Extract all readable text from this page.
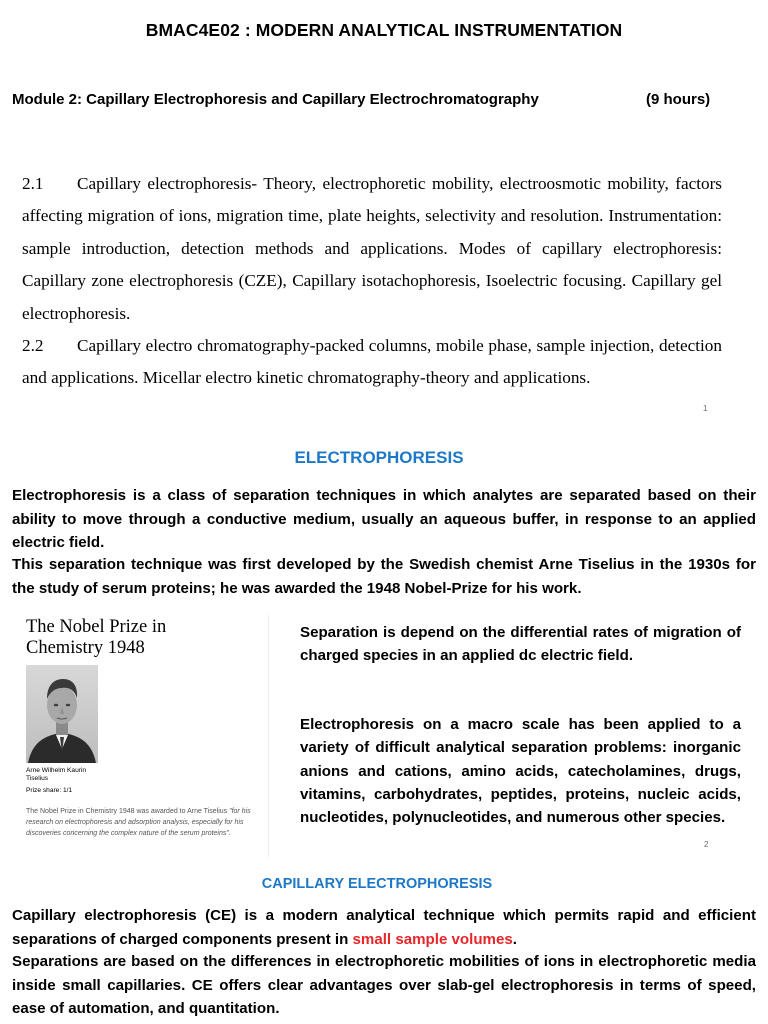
BMAC4E02 : MODERN ANALYTICAL INSTRUMENTATION
Module 2: Capillary Electrophoresis and Capillary Electrochromatography	(9 hours)

2.1 Capillary electrophoresis- Theory, electrophoretic mobility, electroosmotic mobility, factors affecting migration of ions, migration time, plate heights, selectivity and resolution. Instrumentation: sample introduction, detection methods and applications. Modes of capillary electrophoresis: Capillary zone electrophoresis (CZE), Capillary isotachophoresis, Isoelectric focusing. Capillary gel electrophoresis.

2.2 Capillary electro chromatography-packed columns, mobile phase, sample injection, detection and applications. Micellar electro kinetic chromatography-theory and applications.

1
ELECTROPHORESIS
Electrophoresis is a class of separation techniques in which analytes are separated based on their ability to move through a conductive medium, usually an aqueous buffer, in response to an applied electric field.
This separation technique was first developed by the Swedish chemist Arne Tiselius in the 1930s for the study of serum proteins; he was awarded the 1948 Nobel-Prize for his work.
The Nobel Prize in Chemistry 1948
Arne Wilhelm Kaurin Tiselius
Prize share: 1/1
The Nobel Prize in Chemistry 1948 was awarded to Arne Tiselius "for his research on electrophoresis and adsorption analysis, especially for his discoveries concerning the complex nature of the serum proteins".
Separation is depend on the differential rates of migration of charged species in an applied dc electric field.
Electrophoresis on a macro scale has been applied to a variety of difficult analytical separation problems: inorganic anions and cations, amino acids, catecholamines, drugs, vitamins, carbohydrates, peptides, proteins, nucleic acids, nucleotides, polynucleotides, and numerous other species.
2
CAPILLARY ELECTROPHORESIS
Capillary electrophoresis (CE) is a modern analytical technique which permits rapid and efficient separations of charged components present in small sample volumes.
Separations are based on the differences in electrophoretic mobilities of ions in electrophoretic media inside small capillaries. CE offers clear advantages over slab-gel electrophoresis in terms of speed, ease of automation, and quantitation.
